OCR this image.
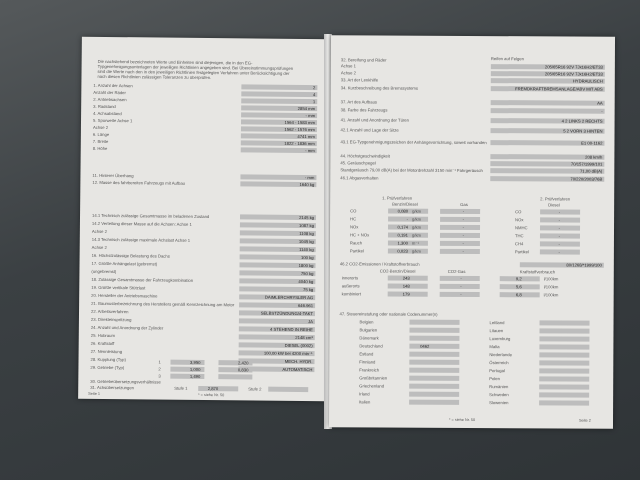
Die nachstehend bezeichneten Werte und Einheiten sind diejenigen, die in den EG-Typgenehmigungsunterlagen der jeweiligen Richtlinien angegeben sind. Bei Übereinstimmungsprüfungen sind die Werte nach den in den jeweiligen Richtlinien festgelegten Verfahren unter Berücksichtigung der nach diesen Richtlinien zulässigen Toleranzen zu überprüfen.
1. Anzahl der Achsen	2
Anzahl der Räder	4
2. Antriebsachsen	1
3. Radstand	2854 mm
4. Achsabstand	- mm
5. Spurweite Achse 1	1564 - 1583 mm
Achse 2	1562 - 1576 mm
6. Länge	4741 mm
7. Breite	1822 - 1836 mm
8. Höhe	- mm
11. Hinterer Überhang	- mm
12. Masse des fahrbereiten Fahrzeugs mit Aufbau	1640 kg
14.1 Technisch zulässige Gesamtmasse im beladenen Zustand	2145 kg
14.2 Verteilung dieser Masse auf die Achsen: Achse 1	1087 kg
Achse 2	1108 kg
14.3 Technisch zulässige maximale Achslast Achse 1	1045 kg
Achse 2	1140 kg
16. Höchstzulässige Belastung des Dachs	100 kg
17. Größte Anhängelast (gebremst)	1800 kg
(ungebremst)	750 kg
18. Zulässige Gesamtmasse der Fahrzeugkombination	4040 kg
19. Größte vertikale Stützlast	75 kg
20. Hersteller der Antriebsmaschine	DAIMLERCHRYSLER AG
21. Baumusterbezeichnung des Herstellers gemäß Kennzeichnung am Motor	646.961
22. Arbeitsverfahren	SELBSTZÜNDUNG/4-TAKT
23. Direkteinspritzung	JA
24. Anzahl und Anordnung der Zylinder	4 STEHEND IN REIHE
25. Hubraum	2148 cm³
26. Kraftstoff	DIESEL (0002)
27. Nennleistung	100,00 kW bei 4200 min⁻¹
28. Kupplung (Typ)	MECH. HYDR.
29. Getriebe (Typ)	AUTOMATISCH
30. Getriebeübersetzungsverhältnisse
1	3,950	2,420
2	1,000	0,830
3	1,490
31. Achsübersetzungen	Stufe 1	2,870	Stufe 2
Seite 1	* = siehe Nr. 50
Reifen auf Felgen
32. Bereifung und Räder
Achse 1	205/65R16 92V 7Jx16H2/ET33
Achse 2	205/65R16 92V 7Jx16H2/ET33
33. Art der Lenkhilfe	HYDRAULISCH
34. Kurzbeschreibung des Bremssystems	FREMDKRAFTBREMSANLAGE/ABV MIT ABS
37. Art des Aufbaus	AA
38. Farbe des Fahrzeugs	-
41. Anzahl und Anordnung der Türen	4 2 LINKS 2 RECHTS
42.1 Anzahl und Lage der Sitze	5 2 VORN 3 HINTEN
43.1 EG-Typgenehmigungszeichen der Anhängevorrichtung, soweit vorhanden	E1 00-1162
44. Höchstgeschwindigkeit	208 km/h
45. Geräuschpegel	70/157/1999/101
Standgeräusch 79,00 dB(A) bei der Motordrehzahl 3150 min⁻¹ Fahrgeräusch	71,00 dB(A)
46.1 Abgasverhalten	70/220/2003/76B
1. Prüfverfahren	2. Prüfverfahren
Benzin/Diesel	Gas	Diesel
CO	0,080 g/km	-	CO	-
HC	- g/km	-	NOx	-
NOx	0,174 g/km	-	NMHC	-
HC + NOx	0,191 g/km	-	THC	-
Rauch	1,300 m⁻¹	-	CH4	-
Partikel	0,023 g/km	-	Partikel	-
46.2 CO2-Emissionen / Kraftstoffverbrauch	80/1268/*1999/100
CO2-Benzin/Diesel	CO2-Gas	Kraftstoffverbrauch
innerorts	243	-	9,2	l/100km
außerorts	148	-	5,6	l/100km
kombiniert	179	-	6,8	l/100km
47. Steuereinstufung oder nationale Codenummer(n)
Belgien
Bulgarien
Dänemark
Deutschland	0462
Estland
Finnland
Frankreich
Großbritannien
Griechenland
Irland
Italien
Lettland
Litauen
Luxemburg
Malta
Niederlande
Österreich
Portugal
Polen
Rumänien
Schweden
Slowenien
* = siehe Nr. 50	Seite 2
